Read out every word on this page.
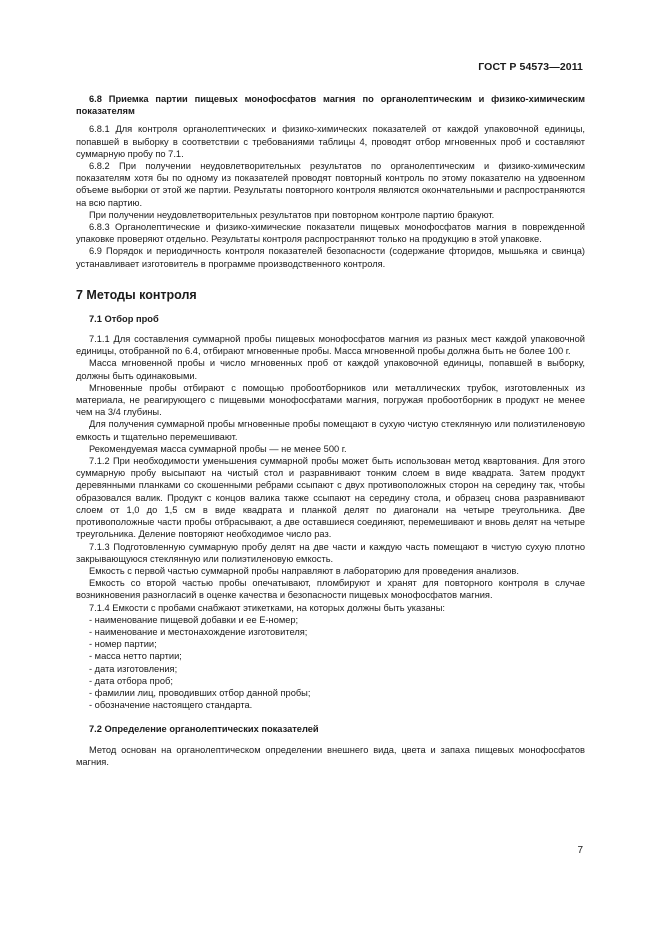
ГОСТ Р 54573—2011

6.8 Приемка партии пищевых монофосфатов магния по органолептическим и физико-химическим показателям

6.8.1 Для контроля органолептических и физико-химических показателей от каждой упаковочной единицы, попавшей в выборку в соответствии с требованиями таблицы 4, проводят отбор мгновенных проб и составляют суммарную пробу по 7.1.

6.8.2 При получении неудовлетворительных результатов по органолептическим и физико-химическим показателям хотя бы по одному из показателей проводят повторный контроль по этому показателю на удвоенном объеме выборки от этой же партии. Результаты повторного контроля являются окончательными и распространяются на всю партию.

При получении неудовлетворительных результатов при повторном контроле партию бракуют.

6.8.3 Органолептические и физико-химические показатели пищевых монофосфатов магния в поврежденной упаковке проверяют отдельно. Результаты контроля распространяют только на продукцию в этой упаковке.

6.9 Порядок и периодичность контроля показателей безопасности (содержание фторидов, мышьяка и свинца) устанавливает изготовитель в программе производственного контроля.

7 Методы контроля

7.1 Отбор проб

7.1.1 Для составления суммарной пробы пищевых монофосфатов магния из разных мест каждой упаковочной единицы, отобранной по 6.4, отбирают мгновенные пробы. Масса мгновенной пробы должна быть не более 100 г.

Масса мгновенной пробы и число мгновенных проб от каждой упаковочной единицы, попавшей в выборку, должны быть одинаковыми.

Мгновенные пробы отбирают с помощью пробоотборников или металлических трубок, изготовленных из материала, не реагирующего с пищевыми монофосфатами магния, погружая пробоотборник в продукт не менее чем на 3/4 глубины.

Для получения суммарной пробы мгновенные пробы помещают в сухую чистую стеклянную или полиэтиленовую емкость и тщательно перемешивают.

Рекомендуемая масса суммарной пробы — не менее 500 г.

7.1.2 При необходимости уменьшения суммарной пробы может быть использован метод квартования. Для этого суммарную пробу высыпают на чистый стол и разравнивают тонким слоем в виде квадрата. Затем продукт деревянными планками со скошенными ребрами ссыпают с двух противоположных сторон на середину так, чтобы образовался валик. Продукт с концов валика также ссыпают на середину стола, и образец снова разравнивают слоем от 1,0 до 1,5 см в виде квадрата и планкой делят по диагонали на четыре треугольника. Две противоположные части пробы отбрасывают, а две оставшиеся соединяют, перемешивают и вновь делят на четыре треугольника. Деление повторяют необходимое число раз.

7.1.3 Подготовленную суммарную пробу делят на две части и каждую часть помещают в чистую сухую плотно закрывающуюся стеклянную или полиэтиленовую емкость.

Емкость с первой частью суммарной пробы направляют в лабораторию для проведения анализов.

Емкость со второй частью пробы опечатывают, пломбируют и хранят для повторного контроля в случае возникновения разногласий в оценке качества и безопасности пищевых монофосфатов магния.

7.1.4 Емкости с пробами снабжают этикетками, на которых должны быть указаны:

- наименование пищевой добавки и ее Е-номер;
- наименование и местонахождение изготовителя;
- номер партии;
- масса нетто партии;
- дата изготовления;
- дата отбора проб;
- фамилии лиц, проводивших отбор данной пробы;
- обозначение настоящего стандарта.

7.2 Определение органолептических показателей

Метод основан на органолептическом определении внешнего вида, цвета и запаха пищевых монофосфатов магния.

7
